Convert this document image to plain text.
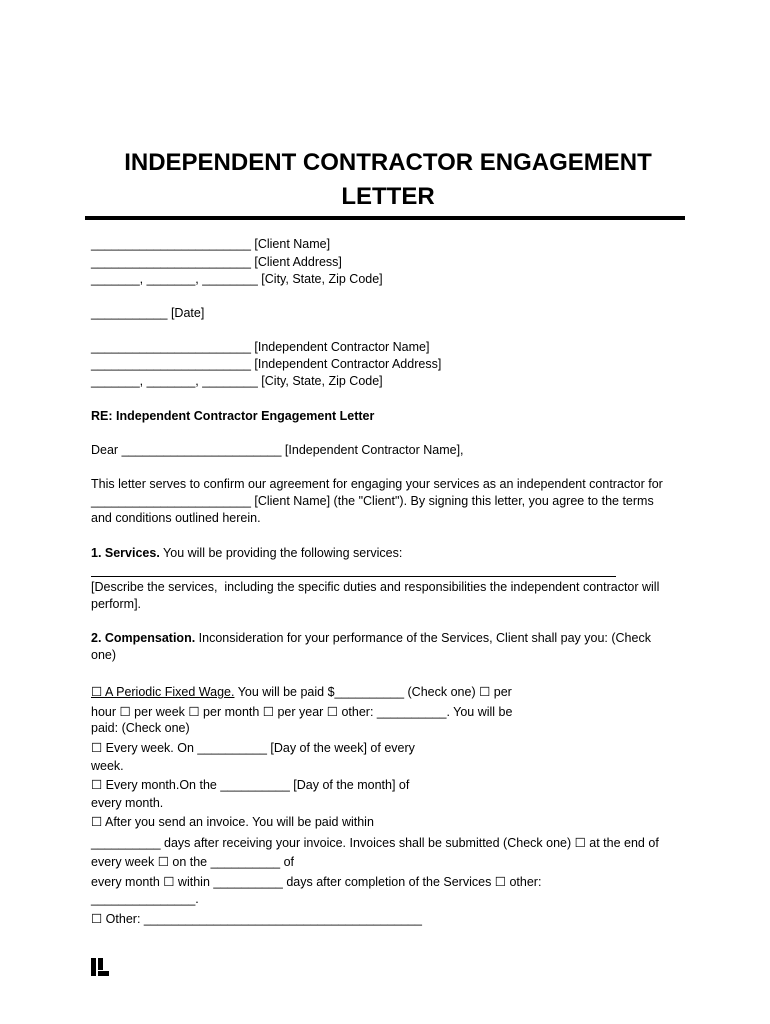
INDEPENDENT CONTRACTOR ENGAGEMENT
LETTER
_______________________ [Client Name]
_______________________ [Client Address]
_______, _______, ________ [City, State, Zip Code]
___________ [Date]
_______________________ [Independent Contractor Name]
_______________________ [Independent Contractor Address]
_______, _______, ________ [City, State, Zip Code]
RE: Independent Contractor Engagement Letter
Dear _______________________ [Independent Contractor Name],
This letter serves to confirm our agreement for engaging your services as an independent contractor for
_______________________ [Client Name] (the "Client"). By signing this letter, you agree to the terms
and conditions outlined herein.
1. Services. You will be providing the following services:
[Describe the services,  including the specific duties and responsibilities the independent contractor will
perform].
2. Compensation. Inconsideration for your performance of the Services, Client shall pay you: (Check
one)
☐ A Periodic Fixed Wage. You will be paid $__________ (Check one) ☐ per
hour ☐ per week ☐ per month ☐ per year ☐ other: __________. You will be
paid: (Check one)
☐ Every week. On __________ [Day of the week] of every
week.
☐ Every month.On the __________ [Day of the month] of
every month.
☐ After you send an invoice. You will be paid within
__________ days after receiving your invoice. Invoices shall be submitted (Check one) ☐ at the end of
every week ☐ on the __________ of
every month ☐ within __________ days after completion of the Services ☐ other:
_______________.
☐ Other: ________________________________________
